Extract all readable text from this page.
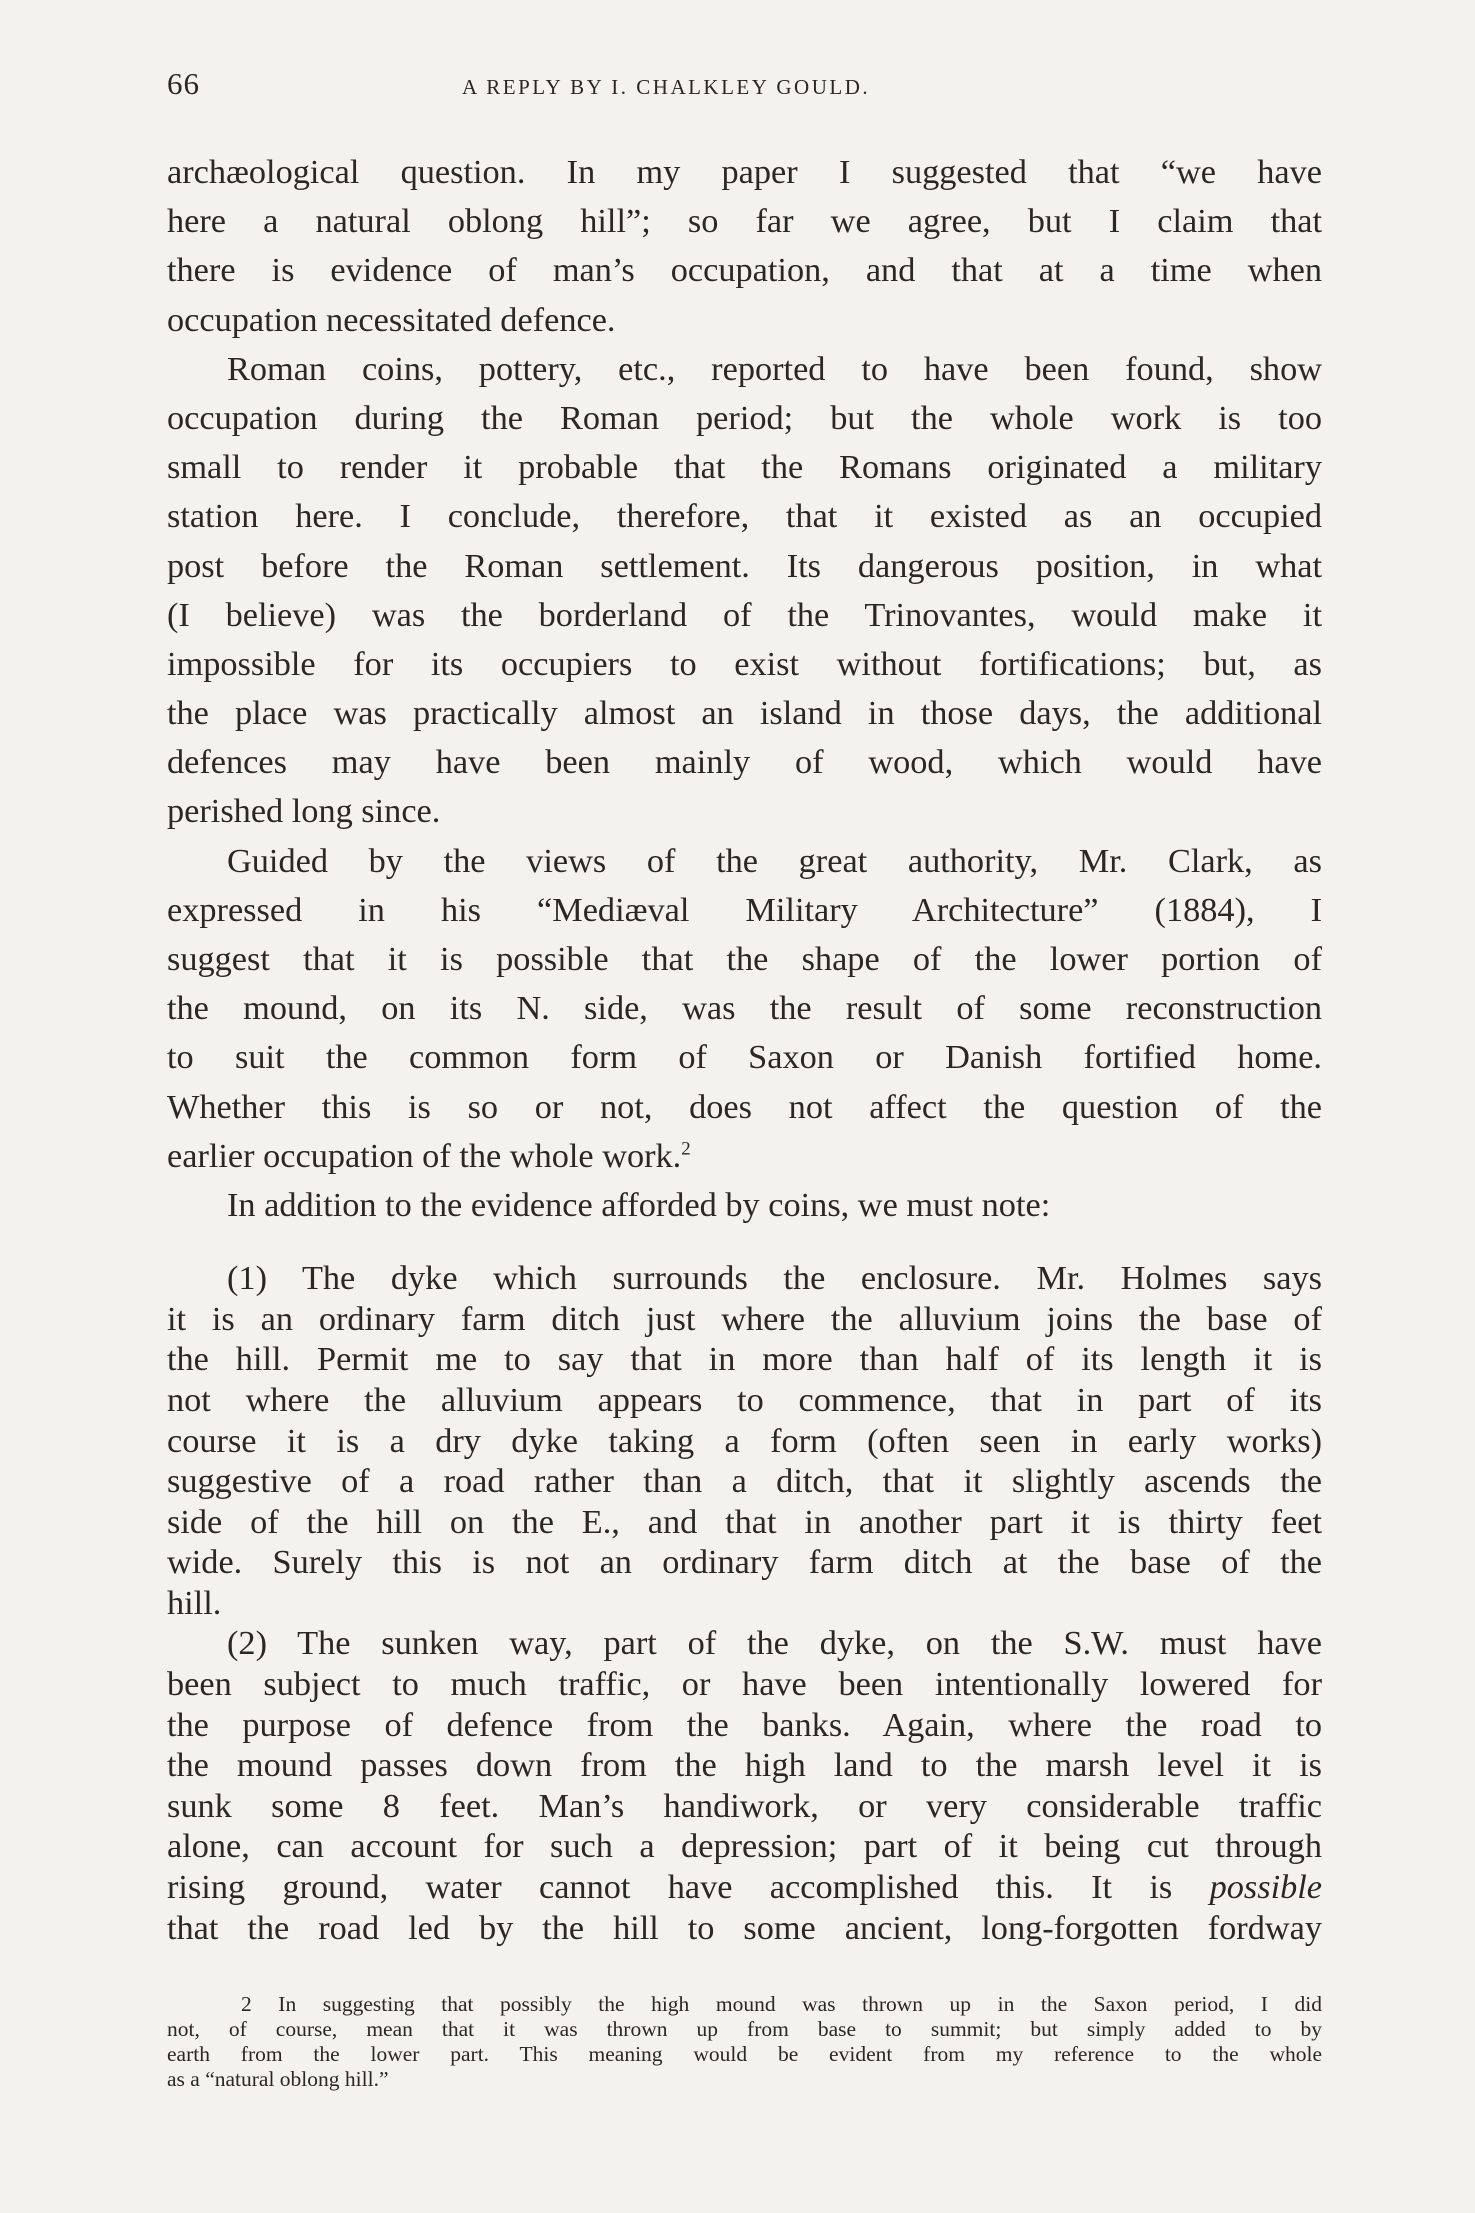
66	A REPLY BY I. CHALKLEY GOULD.
archæological question. In my paper I suggested that “we have
here a natural oblong hill”; so far we agree, but I claim that
there is evidence of man’s occupation, and that at a time when
occupation necessitated defence.
Roman coins, pottery, etc., reported to have been found, show
occupation during the Roman period; but the whole work is too
small to render it probable that the Romans originated a military
station here. I conclude, therefore, that it existed as an occupied
post before the Roman settlement. Its dangerous position, in what
(I believe) was the borderland of the Trinovantes, would make it
impossible for its occupiers to exist without fortifications; but, as
the place was practically almost an island in those days, the additional
defences may have been mainly of wood, which would have
perished long since.
Guided by the views of the great authority, Mr. Clark, as
expressed in his “Mediæval Military Architecture” (1884), I
suggest that it is possible that the shape of the lower portion of
the mound, on its N. side, was the result of some reconstruction
to suit the common form of Saxon or Danish fortified home.
Whether this is so or not, does not affect the question of the
earlier occupation of the whole work.$^2$
In addition to the evidence afforded by coins, we must note:
(1) The dyke which surrounds the enclosure. Mr. Holmes says
it is an ordinary farm ditch just where the alluvium joins the base of
the hill. Permit me to say that in more than half of its length it is
not where the alluvium appears to commence, that in part of its
course it is a dry dyke taking a form (often seen in early works)
suggestive of a road rather than a ditch, that it slightly ascends the
side of the hill on the E., and that in another part it is thirty feet
wide. Surely this is not an ordinary farm ditch at the base of the
hill.
(2) The sunken way, part of the dyke, on the S.W. must have
been subject to much traffic, or have been intentionally lowered for
the purpose of defence from the banks. Again, where the road to
the mound passes down from the high land to the marsh level it is
sunk some 8 feet. Man’s handiwork, or very considerable traffic
alone, can account for such a depression; part of it being cut through
rising ground, water cannot have accomplished this. It is possible
that the road led by the hill to some ancient, long-forgotten fordway
2 In suggesting that possibly the high mound was thrown up in the Saxon period, I did
not, of course, mean that it was thrown up from base to summit; but simply added to by
earth from the lower part. This meaning would be evident from my reference to the whole
as a “natural oblong hill.”
